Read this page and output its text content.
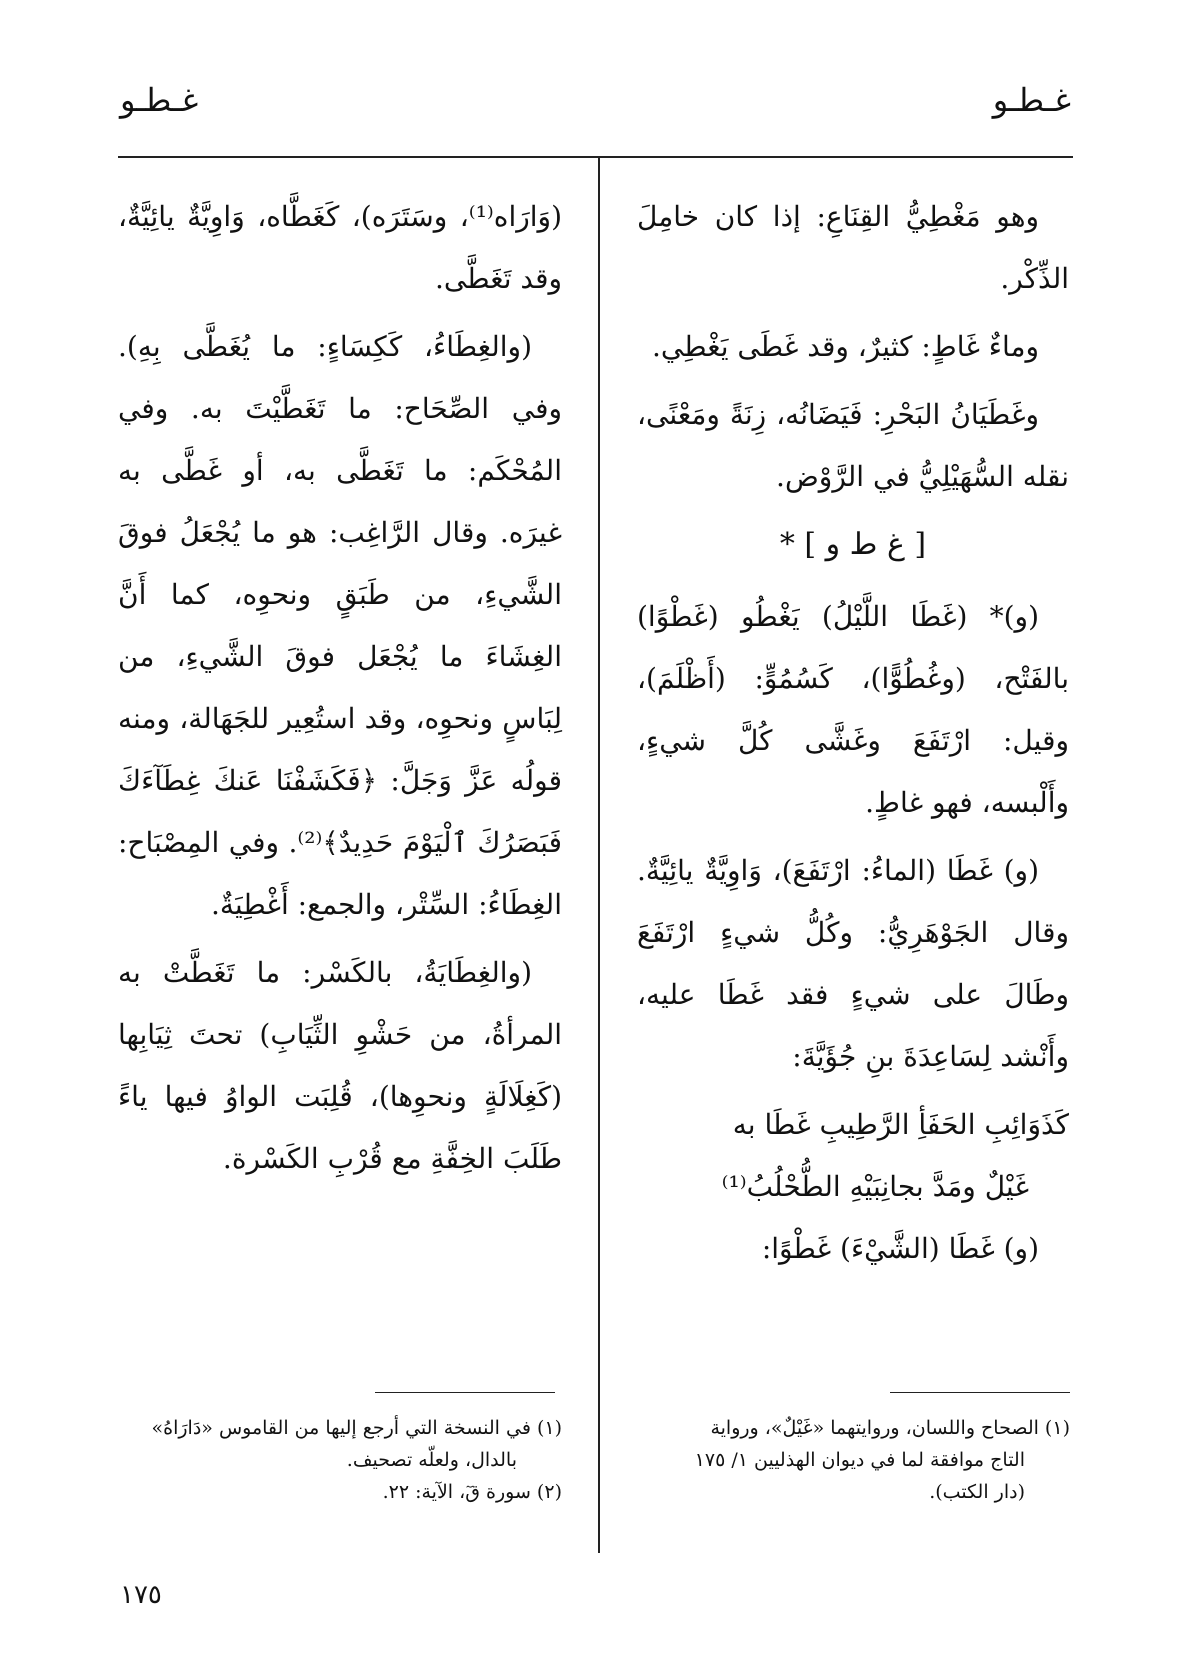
غـطـو
غـطـو

وهو مَغْطِيُّ القِنَاعِ: إذا كان خامِلَ الذِّكْر.

وماءٌ غَاطٍ: كثيرٌ، وقد غَطَى يَغْطِي.

وغَطَيَانُ البَحْرِ: فَيَضَانُه، زِنَةً ومَعْنًى، نقله السُّهَيْلِيُّ في الرَّوْض.

[ غ ط و ] *

(و)* (غَطَا اللَّيْلُ) يَغْطُو (غَطْوًا) بالفَتْح، (وغُطُوًّا)، كَسُمُوٍّ: (أَظْلَمَ)، وقيل: ارْتَفَعَ وغَشَّى كُلَّ شيءٍ، وأَلْبسه، فهو غاطٍ.

(و) غَطَا (الماءُ: ارْتَفَعَ)، وَاوِيَّةٌ يائِيَّةٌ. وقال الجَوْهَرِيُّ: وكُلُّ شيءٍ ارْتَفَعَ وطَالَ على شيءٍ فقد غَطَا عليه، وأَنْشد لِسَاعِدَةَ بنِ جُؤَيَّةَ:

كَذَوَائِبِ الحَفَأِ الرَّطِيبِ غَطَا به

غَيْلٌ ومَدَّ بجانِبَيْهِ الطُّحْلُبُ⁽¹⁾

(و) غَطَا (الشَّيْءَ) غَطْوًا:

(وَارَاه⁽¹⁾، وسَتَرَه)، كَغَطَّاه، وَاوِيَّةٌ يائِيَّةٌ، وقد تَغَطَّى.

(والغِطَاءُ، كَكِسَاءٍ: ما يُغَطَّى بِهِ). وفي الصِّحَاح: ما تَغَطَّيْتَ به. وفي المُحْكَم: ما تَغَطَّى به، أو غَطَّى به غيرَه. وقال الرَّاغِب: هو ما يُجْعَلُ فوقَ الشَّيءِ، من طَبَقٍ ونحوِه، كما أَنَّ الغِشَاءَ ما يُجْعَل فوقَ الشَّيءِ، من لِبَاسٍ ونحوِه، وقد استُعِير للجَهَالة، ومنه قولُه عَزَّ وَجَلَّ: ﴿فَكَشَفْنَا عَنكَ غِطَآءَكَ فَبَصَرُكَ ٱلْيَوْمَ حَدِيدٌ﴾⁽²⁾. وفي المِصْبَاح: الغِطَاءُ: السِّتْر، والجمع: أَغْطِيَةٌ.

(والغِطَايَةُ، بالكَسْر: ما تَغَطَّتْ به المرأةُ، من حَشْوِ الثِّيَابِ) تحتَ ثِيَابِها (كَغِلَالَةٍ ونحوِها)، قُلِبَت الواوُ فيها ياءً طَلَبَ الخِفَّةِ مع قُرْبِ الكَسْرة.

(١) الصحاح واللسان، وروايتهما «غَيْلٌ»، ورواية

التاج موافقة لما في ديوان الهذليين ١/ ١٧٥

(دار الكتب).

(١) في النسخة التي أرجع إليها من القاموس «دَارَاهُ»

بالدال، ولعلّه تصحيف.

(٢) سورة قٓ، الآية: ٢٢.

١٧٥
